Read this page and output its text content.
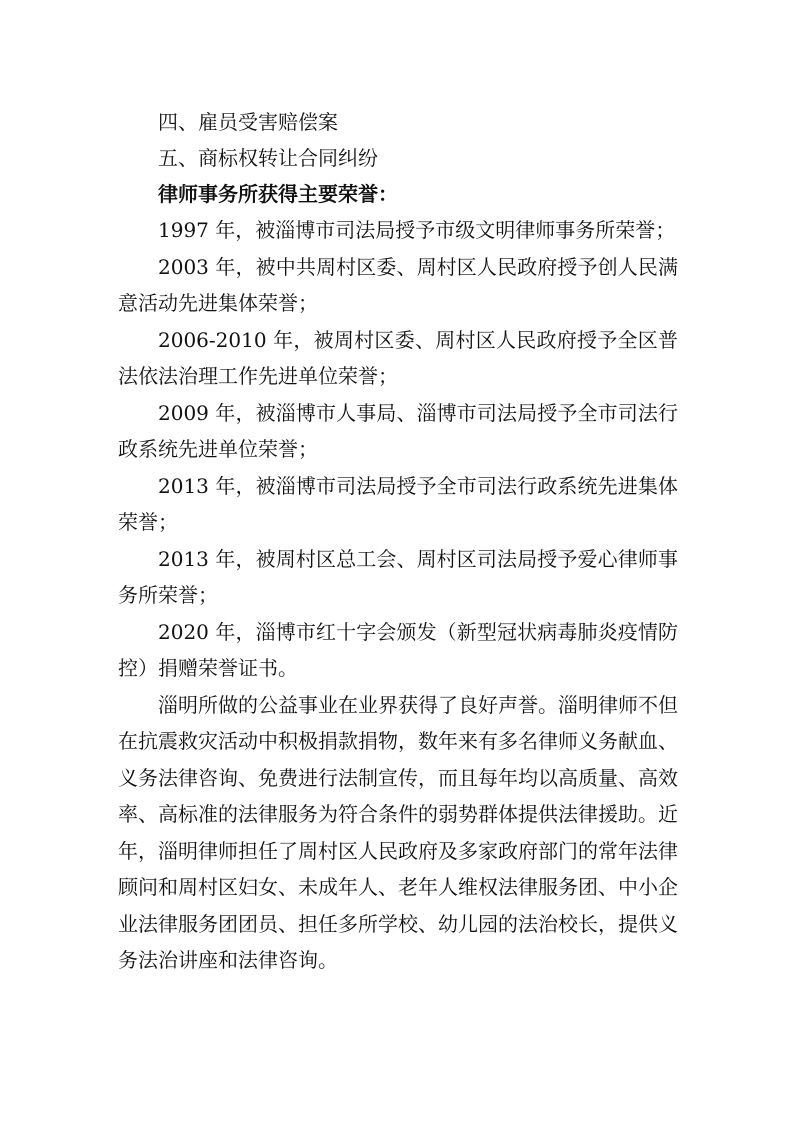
四、雇员受害赔偿案

五、商标权转让合同纠纷

律师事务所获得主要荣誉：

1997 年，被淄博市司法局授予市级文明律师事务所荣誉；

2003 年，被中共周村区委、周村区人民政府授予创人民满意活动先进集体荣誉；

2006-2010 年，被周村区委、周村区人民政府授予全区普法依法治理工作先进单位荣誉；

2009 年，被淄博市人事局、淄博市司法局授予全市司法行政系统先进单位荣誉；

2013 年，被淄博市司法局授予全市司法行政系统先进集体荣誉；

2013 年，被周村区总工会、周村区司法局授予爱心律师事务所荣誉；

2020 年，淄博市红十字会颁发（新型冠状病毒肺炎疫情防控）捐赠荣誉证书。

淄明所做的公益事业在业界获得了良好声誉。淄明律师不但在抗震救灾活动中积极捐款捐物，数年来有多名律师义务献血、义务法律咨询、免费进行法制宣传，而且每年均以高质量、高效率、高标准的法律服务为符合条件的弱势群体提供法律援助。近年，淄明律师担任了周村区人民政府及多家政府部门的常年法律顾问和周村区妇女、未成年人、老年人维权法律服务团、中小企业法律服务团团员、担任多所学校、幼儿园的法治校长，提供义务法治讲座和法律咨询。
